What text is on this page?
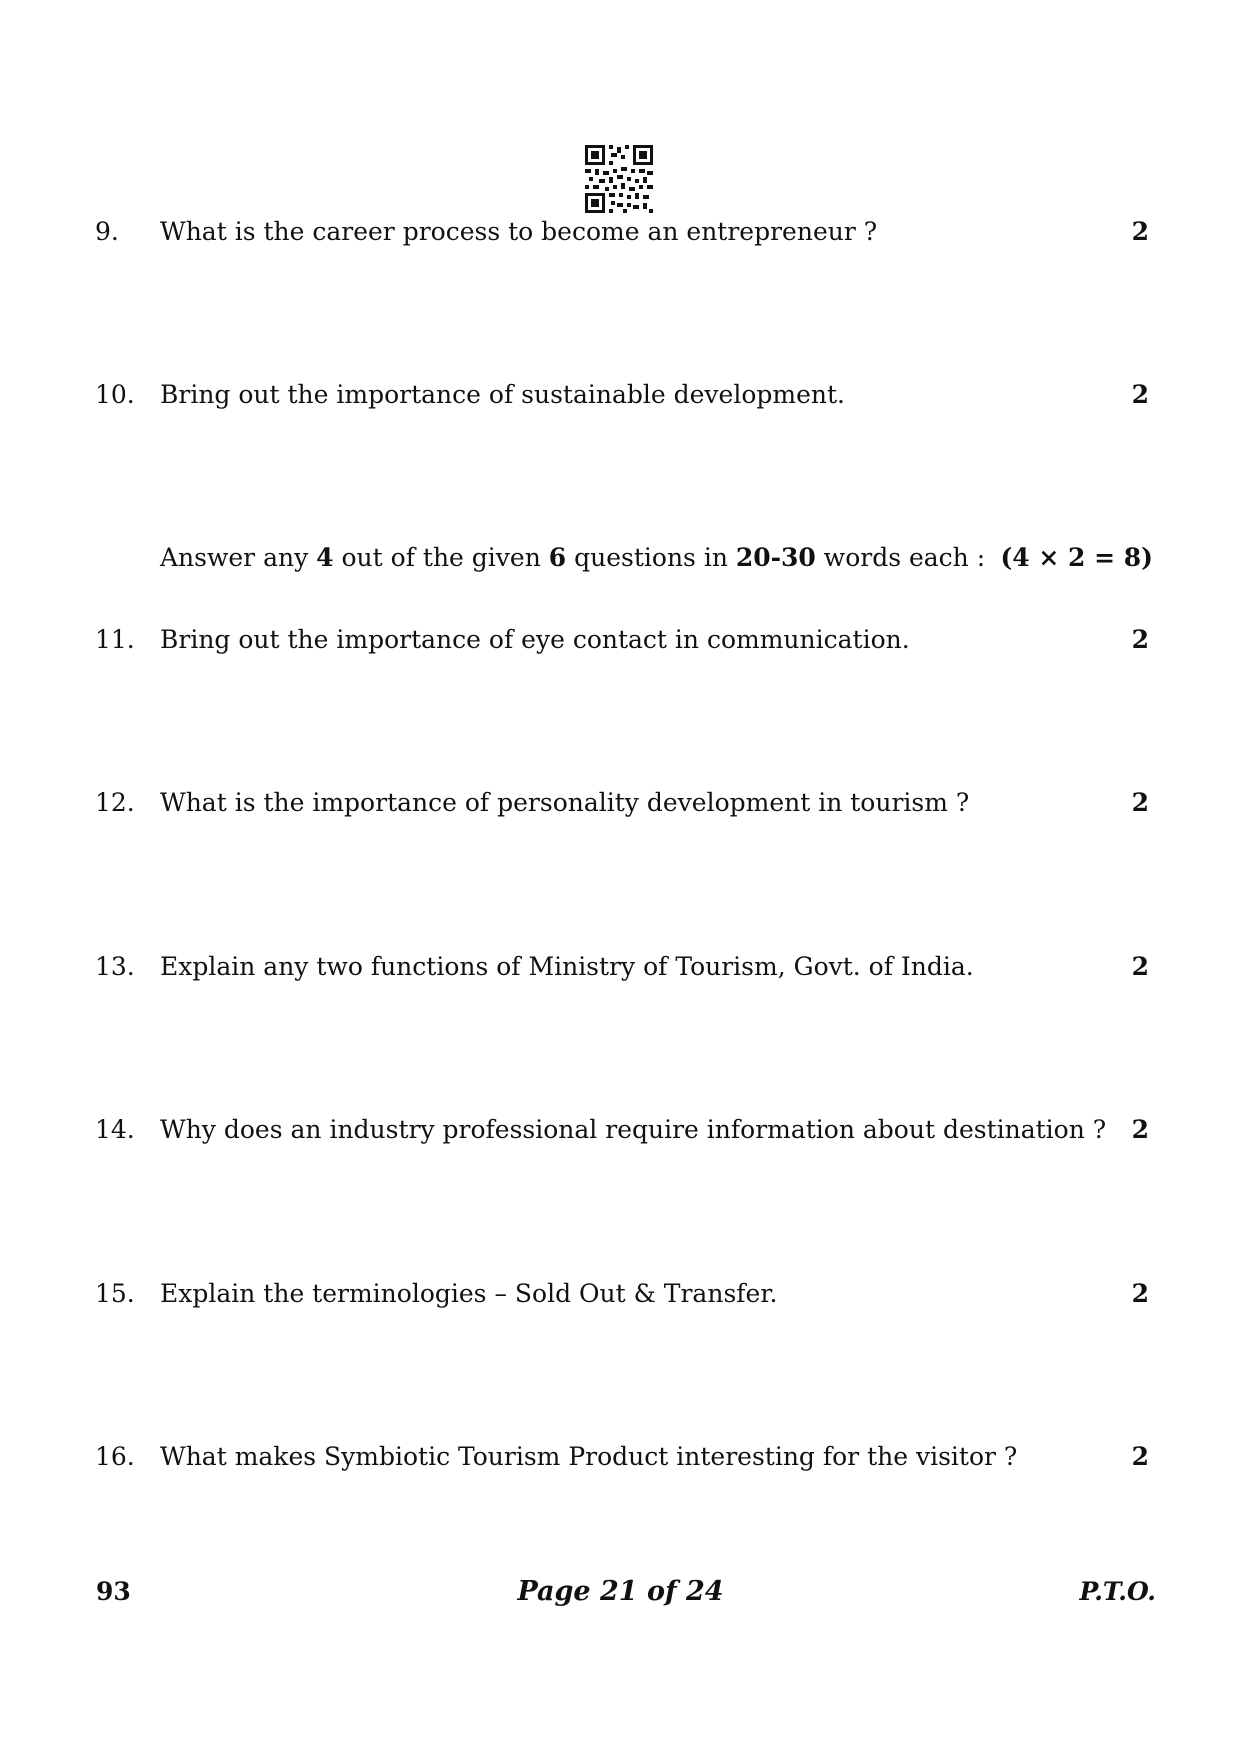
9. What is the career process to become an entrepreneur ?	2
10. Bring out the importance of sustainable development.	2
Answer any 4 out of the given 6 questions in 20-30 words each : (4 × 2 = 8)
11. Bring out the importance of eye contact in communication.	2
12. What is the importance of personality development in tourism ?	2
13. Explain any two functions of Ministry of Tourism, Govt. of India.	2
14. Why does an industry professional require information about destination ? 2
15. Explain the terminologies – Sold Out & Transfer.	2
16. What makes Symbiotic Tourism Product interesting for the visitor ?	2
93	Page 21 of 24	P.T.O.
